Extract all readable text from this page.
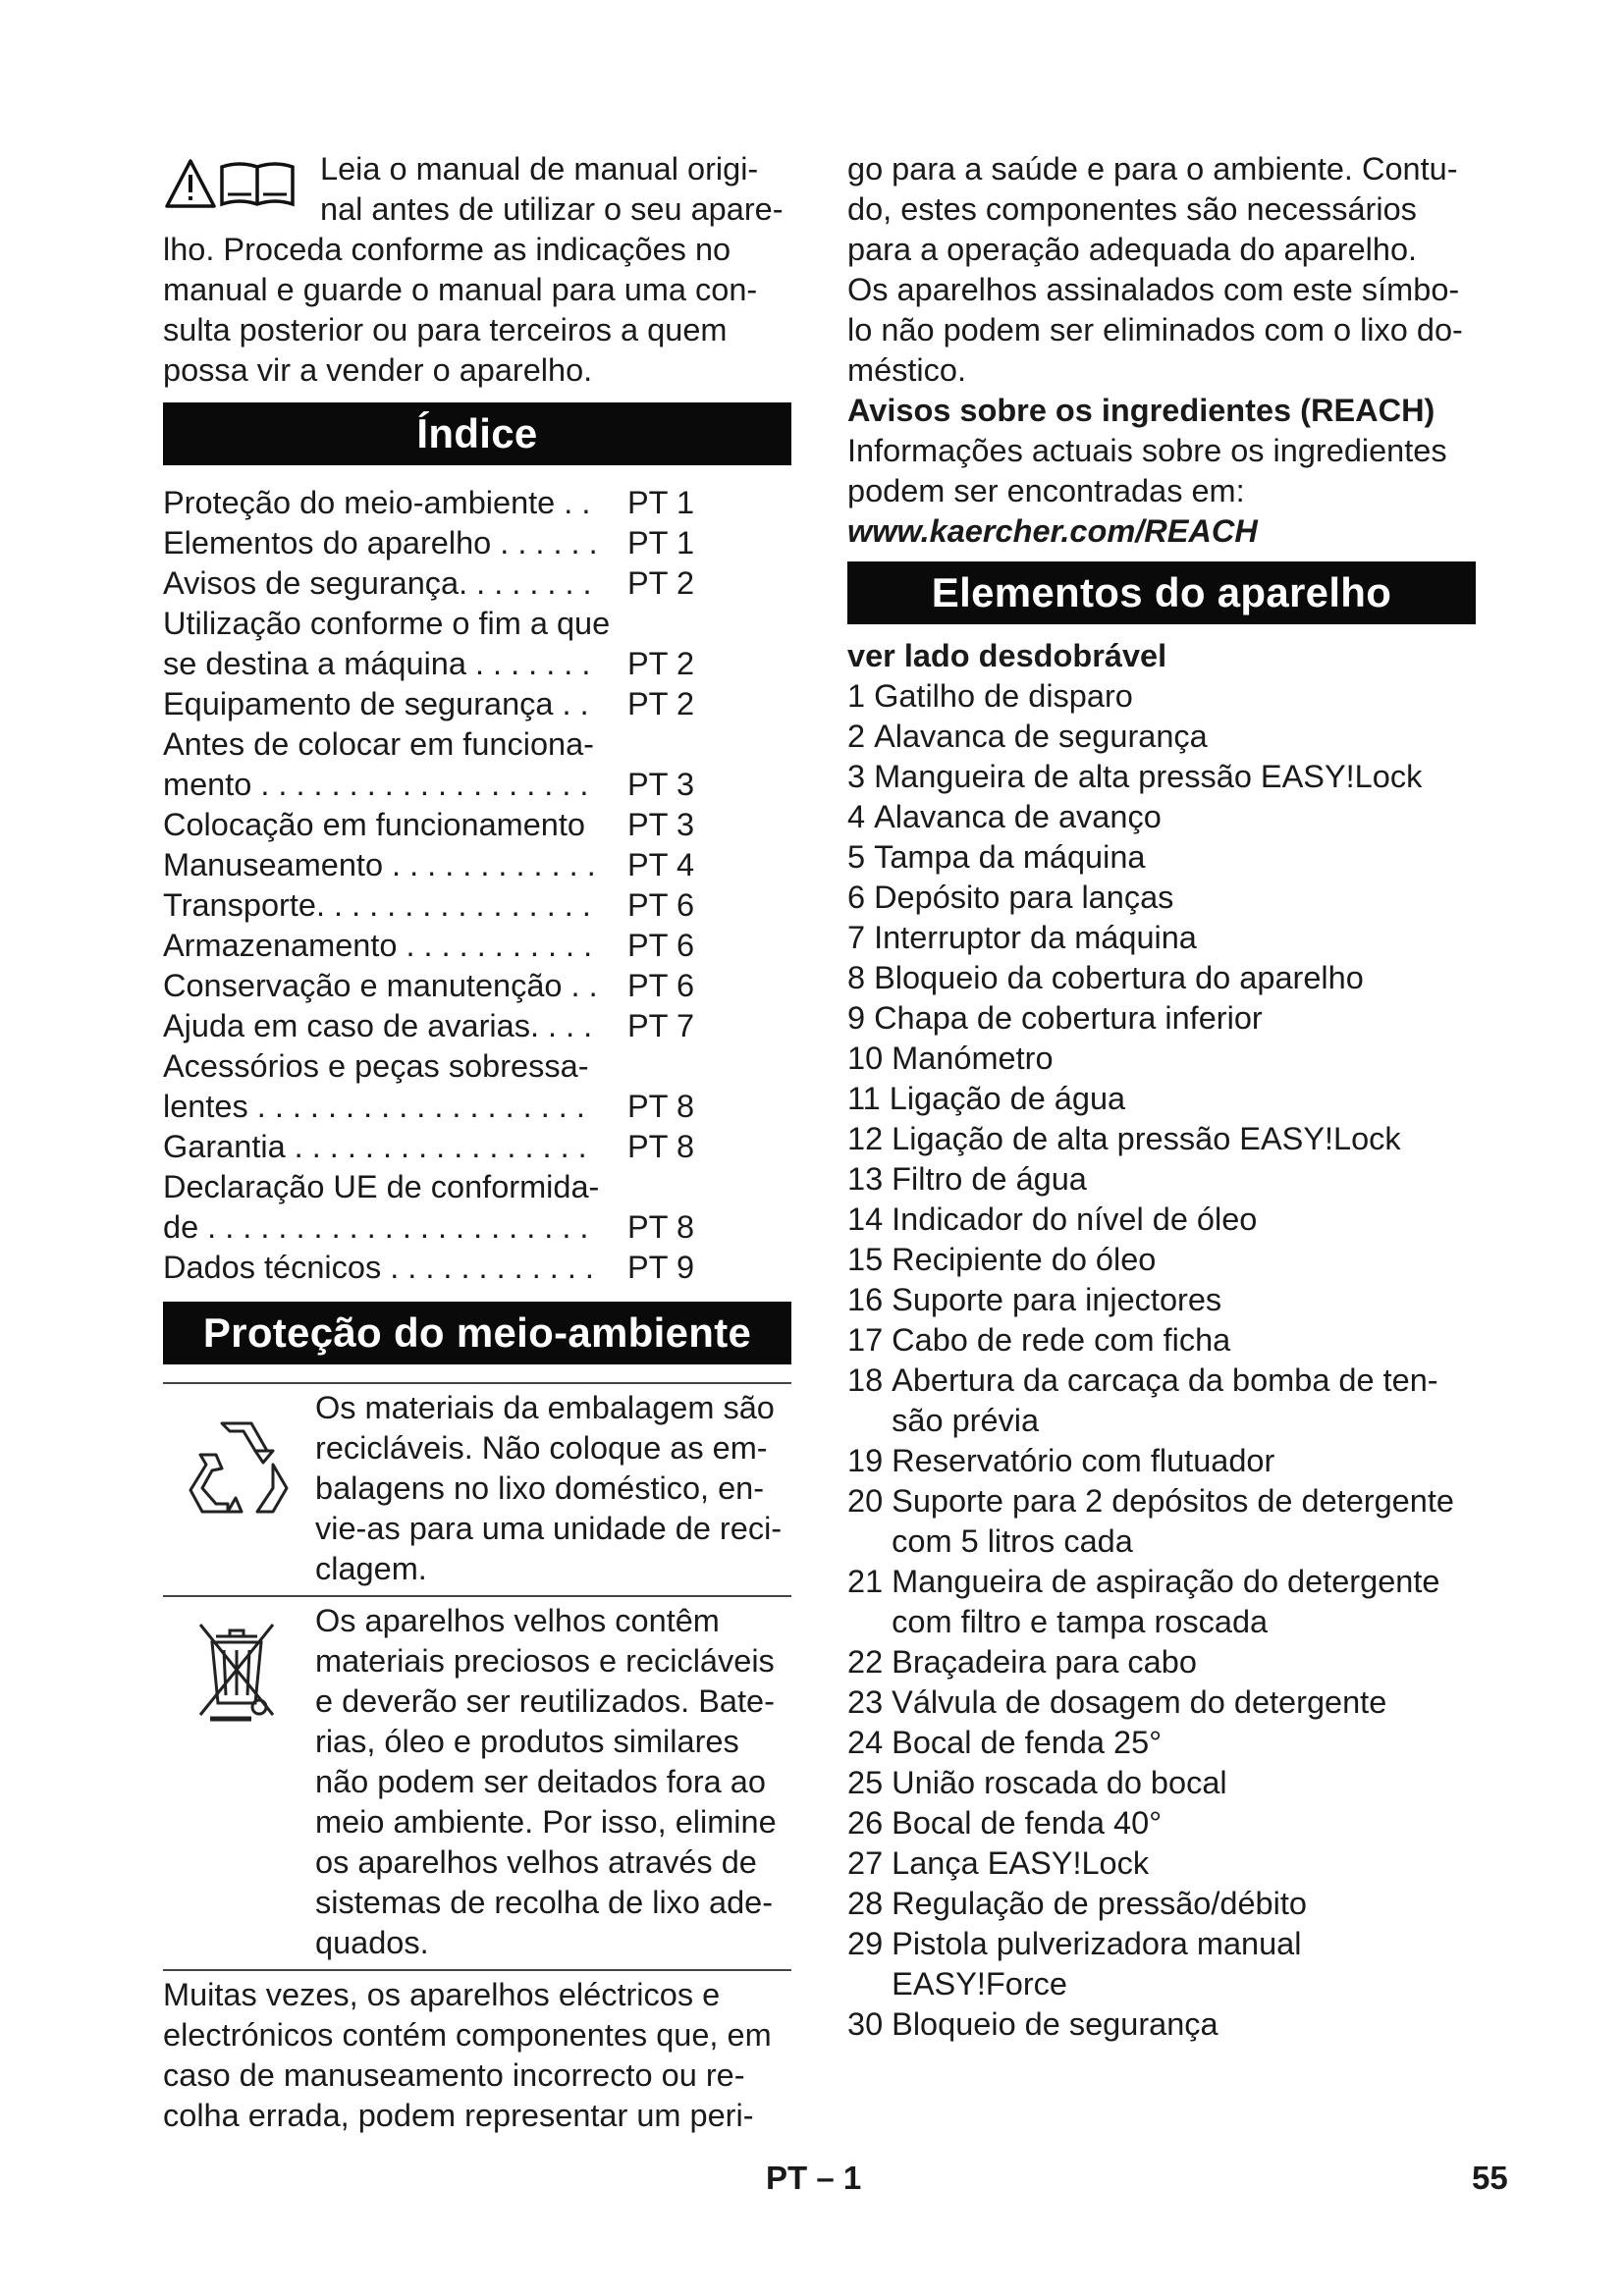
Leia o manual de manual origi-
nal antes de utilizar o seu apare-
lho. Proceda conforme as indicações no
manual e guarde o manual para uma con-
sulta posterior ou para terceiros a quem
possa vir a vender o aparelho.
Índice
Proteção do meio-ambiente . .	PT 1
Elementos do aparelho . . . . . . PT 1
Avisos de segurança. . . . . . . .	PT 2
Utilização conforme o fim a que
se destina a máquina . . . . . . .	PT 2
Equipamento de segurança . .	PT 2
Antes de colocar em funciona-
mento . . . . . . . . . . . . . . . . . . .	PT 3
Colocação em funcionamento	PT 3
Manuseamento . . . . . . . . . . . . PT 4
Transporte. . . . . . . . . . . . . . . .	PT 6
Armazenamento . . . . . . . . . . .	PT 6
Conservação e manutenção . . PT 6
Ajuda em caso de avarias. . . .	PT 7
Acessórios e peças sobressa-
lentes . . . . . . . . . . . . . . . . . . .	PT 8
Garantia . . . . . . . . . . . . . . . . .	PT 8
Declaração UE de conformida-
de . . . . . . . . . . . . . . . . . . . . . .	PT 8
Dados técnicos . . . . . . . . . . . .	PT 9
Proteção do meio-ambiente
Os materiais da embalagem são
recicláveis. Não coloque as em-
balagens no lixo doméstico, en-
vie-as para uma unidade de reci-
clagem.
Os aparelhos velhos contêm
materiais preciosos e recicláveis
e deverão ser reutilizados. Bate-
rias, óleo e produtos similares
não podem ser deitados fora ao
meio ambiente. Por isso, elimine
os aparelhos velhos através de
sistemas de recolha de lixo ade-
quados.
Muitas vezes, os aparelhos eléctricos e
electrónicos contém componentes que, em
caso de manuseamento incorrecto ou re-
colha errada, podem representar um peri-
go para a saúde e para o ambiente. Contu-
do, estes componentes são necessários
para a operação adequada do aparelho.
Os aparelhos assinalados com este símbo-
lo não podem ser eliminados com o lixo do-
méstico.
Avisos sobre os ingredientes (REACH)
Informações actuais sobre os ingredientes
podem ser encontradas em:
www.kaercher.com/REACH
Elementos do aparelho
ver lado desdobrável
1 Gatilho de disparo
2 Alavanca de segurança
3 Mangueira de alta pressão EASY!Lock
4 Alavanca de avanço
5 Tampa da máquina
6 Depósito para lanças
7 Interruptor da máquina
8 Bloqueio da cobertura do aparelho
9 Chapa de cobertura inferior
10 Manómetro
11 Ligação de água
12 Ligação de alta pressão EASY!Lock
13 Filtro de água
14 Indicador do nível de óleo
15 Recipiente do óleo
16 Suporte para injectores
17 Cabo de rede com ficha
18 Abertura da carcaça da bomba de ten- são prévia
19 Reservatório com flutuador
20 Suporte para 2 depósitos de detergente com 5 litros cada
21 Mangueira de aspiração do detergente com filtro e tampa roscada
22 Braçadeira para cabo
23 Válvula de dosagem do detergente
24 Bocal de fenda 25°
25 União roscada do bocal
26 Bocal de fenda 40°
27 Lança EASY!Lock
28 Regulação de pressão/débito
29 Pistola pulverizadora manual EASY!Force
30 Bloqueio de segurança
PT – 1	55
